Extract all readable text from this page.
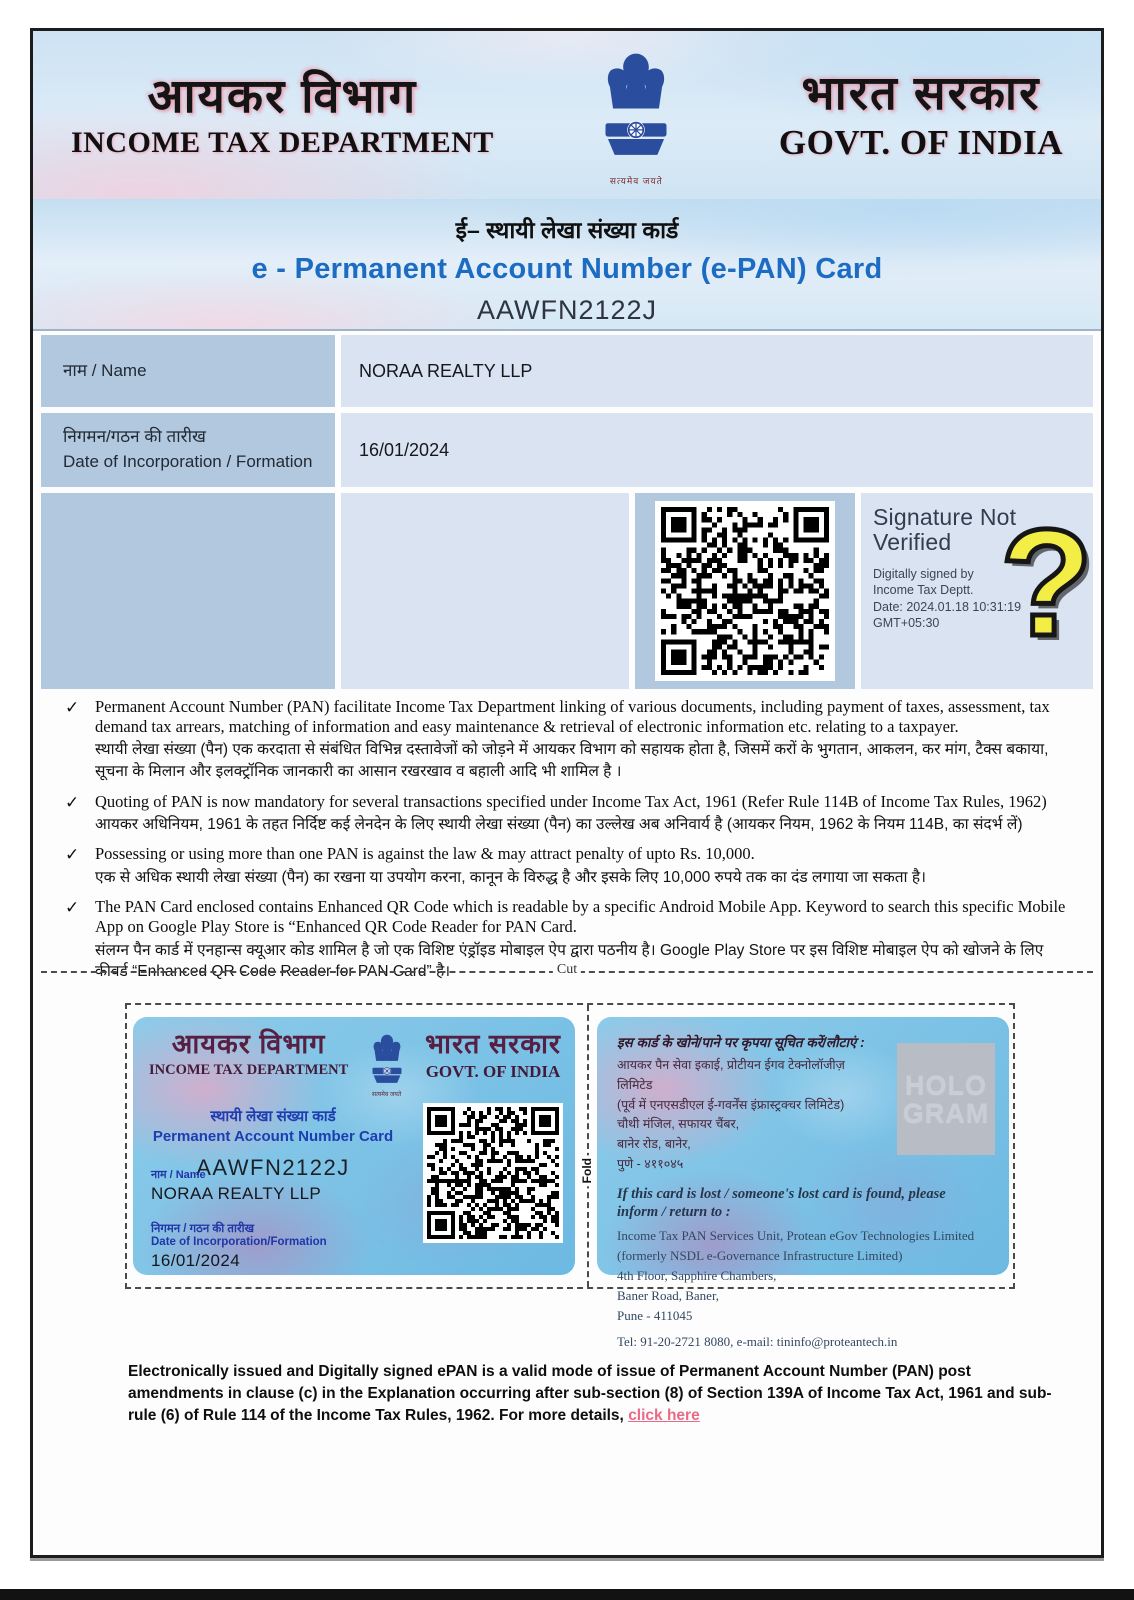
आयकर विभाग
INCOME TAX DEPARTMENT
सत्यमेव जयते
भारत सरकार
GOVT. OF INDIA
ई– स्थायी लेखा संख्या कार्ड
e - Permanent Account Number (e-PAN) Card
AAWFN2122J
नाम / Name	NORAA REALTY LLP
निगमन/गठन की तारीख
Date of Incorporation / Formation
16/01/2024
Signature Not Verified
Digitally signed by
Income Tax Deptt.
Date: 2024.01.18 10:31:19
GMT+05:30 ?
✓ Permanent Account Number (PAN) facilitate Income Tax Department linking of various documents, including payment of taxes, assessment, tax demand tax arrears, matching of information and easy maintenance & retrieval of electronic information etc. relating to a taxpayer.
स्थायी लेखा संख्या (पैन) एक करदाता से संबंधित विभिन्न दस्तावेजों को जोड़ने में आयकर विभाग को सहायक होता है, जिसमें करों के भुगतान, आकलन, कर मांग, टैक्स बकाया, सूचना के मिलान और इलक्ट्रॉनिक जानकारी का आसान रखरखाव व बहाली आदि भी शामिल है ।
✓ Quoting of PAN is now mandatory for several transactions specified under Income Tax Act, 1961 (Refer Rule 114B of Income Tax Rules, 1962)
आयकर अधिनियम, 1961 के तहत निर्दिष्ट कई लेनदेन के लिए स्थायी लेखा संख्या (पैन) का उल्लेख अब अनिवार्य है (आयकर नियम, 1962 के नियम 114B, का संदर्भ लें)
✓ Possessing or using more than one PAN is against the law & may attract penalty of upto Rs. 10,000.
एक से अधिक स्थायी लेखा संख्या (पैन) का रखना या उपयोग करना, कानून के विरुद्ध है और इसके लिए 10,000 रुपये तक का दंड लगाया जा सकता है।
✓ The PAN Card enclosed contains Enhanced QR Code which is readable by a specific Android Mobile App. Keyword to search this specific Mobile App on Google Play Store is “Enhanced QR Code Reader for PAN Card.
संलग्न पैन कार्ड में एनहान्स क्यूआर कोड शामिल है जो एक विशिष्ट एंड्रॉइड मोबाइल ऐप द्वारा पठनीय है। Google Play Store पर इस विशिष्ट मोबाइल ऐप को खोजने के लिए कीवर्ड “Enhanced QR Code Reader for PAN Card” है।	Cut
आयकर विभाग
INCOME TAX DEPARTMENT
सत्यमेव जयते
भारत सरकार
GOVT. OF INDIA
स्थायी लेखा संख्या कार्ड
Permanent Account Number Card
AAWFN2122J
नाम / Name
NORAA REALTY LLP
निगमन / गठन की तारीख
Date of Incorporation/Formation
16/01/2024
Fold
इस कार्ड के खोने/पाने पर कृपया सूचित करें/लौटाएं :
आयकर पैन सेवा इकाई, प्रोटीयन ईगव टेक्नोलॉजीज़ लिमिटेड
(पूर्व में एनएसडीएल ई-गवर्नेंस इंफ्रास्ट्रक्चर लिमिटेड)
चौथी मंजिल, सफायर चैंबर,
बानेर रोड, बानेर,
पुणे - ४११०४५
HOLO
GRAM
If this card is lost / someone's lost card is found, please inform / return to :
Income Tax PAN Services Unit, Protean eGov Technologies Limited
(formerly NSDL e-Governance Infrastructure Limited)
4th Floor, Sapphire Chambers,
Baner Road, Baner,
Pune - 411045
Tel: 91-20-2721 8080, e-mail: tininfo@proteantech.in
Electronically issued and Digitally signed ePAN is a valid mode of issue of Permanent Account Number (PAN) post amendments in clause (c) in the Explanation occurring after sub-section (8) of Section 139A of Income Tax Act, 1961 and sub-rule (6) of Rule 114 of the Income Tax Rules, 1962. For more details, click here
